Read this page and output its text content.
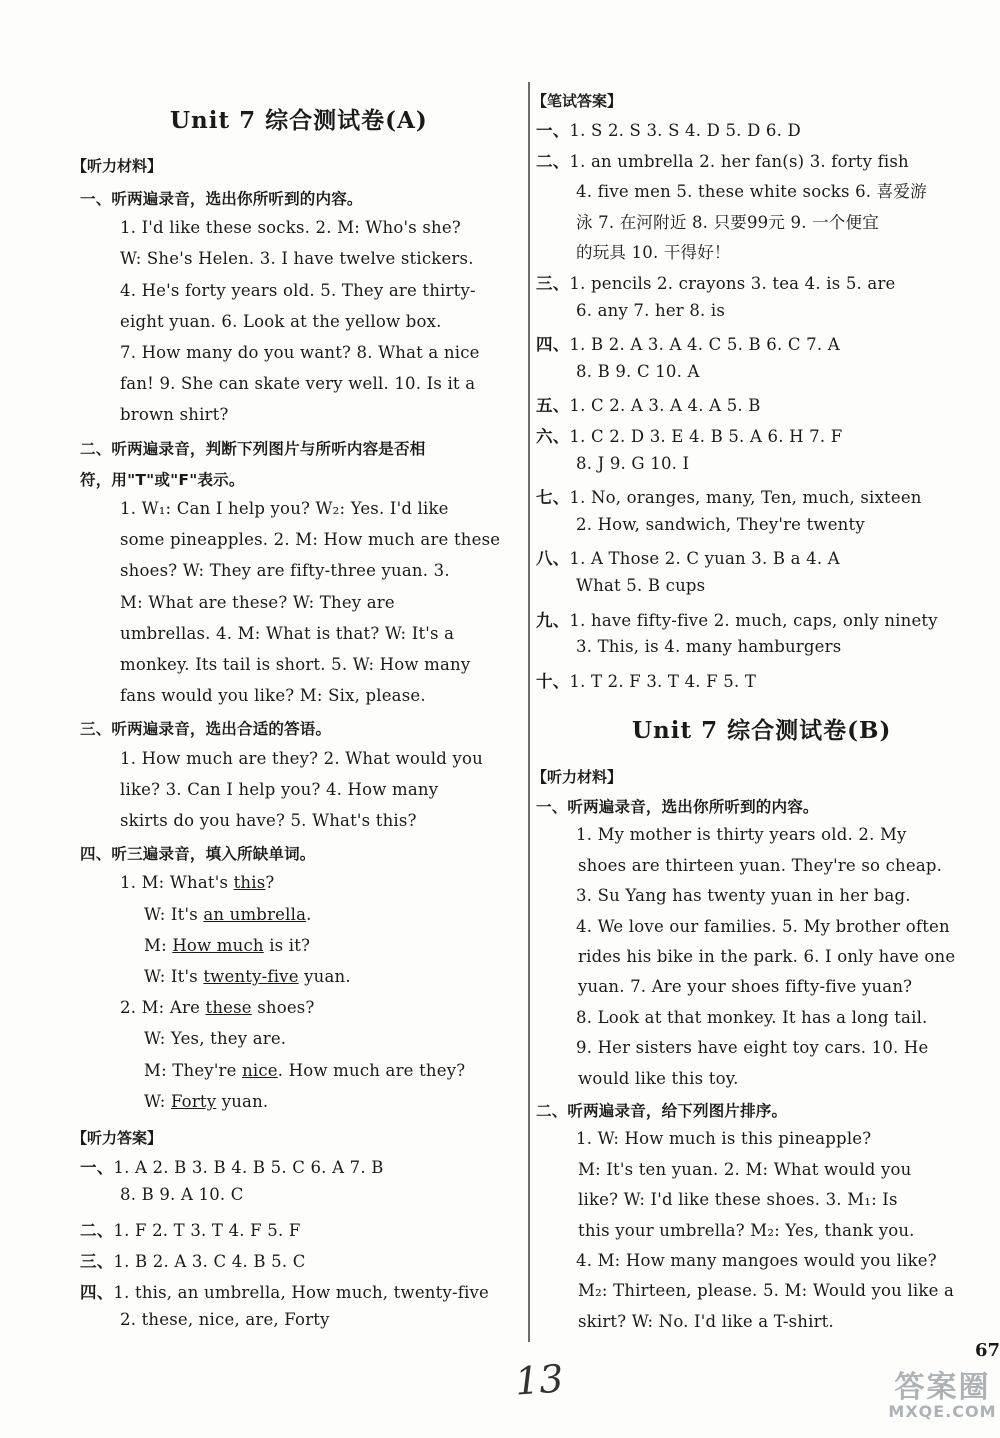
Unit 7 综合测试卷(A)
【听力材料】
一、听两遍录音，选出你所听到的内容。
1. I'd like these socks. 2. M: Who's she?
W: She's Helen. 3. I have twelve stickers.
4. He's forty years old. 5. They are thirty-
eight yuan. 6. Look at the yellow box.
7. How many do you want? 8. What a nice
fan! 9. She can skate very well. 10. Is it a
brown shirt?
二、听两遍录音，判断下列图片与所听内容是否相
符，用"T"或"F"表示。
1. W₁: Can I help you? W₂: Yes. I'd like
some pineapples. 2. M: How much are these
shoes? W: They are fifty-three yuan. 3.
M: What are these? W: They are
umbrellas. 4. M: What is that? W: It's a
monkey. Its tail is short. 5. W: How many
fans would you like? M: Six, please.
三、听两遍录音，选出合适的答语。
1. How much are they? 2. What would you
like? 3. Can I help you? 4. How many
skirts do you have? 5. What's this?
四、听三遍录音，填入所缺单词。
1. M: What's this?
W: It's an umbrella.
M: How much is it?
W: It's twenty-five yuan.
2. M: Are these shoes?
W: Yes, they are.
M: They're nice. How much are they?
W: Forty yuan.
【听力答案】
一、1. A 2. B 3. B 4. B 5. C 6. A 7. B
8. B 9. A 10. C
二、1. F 2. T 3. T 4. F 5. F
三、1. B 2. A 3. C 4. B 5. C
四、1. this, an umbrella, How much, twenty-five
2. these, nice, are, Forty
【笔试答案】
一、1. S 2. S 3. S 4. D 5. D 6. D
二、1. an umbrella 2. her fan(s) 3. forty fish
4. five men 5. these white socks 6. 喜爱游
泳 7. 在河附近 8. 只要99元 9. 一个便宜
的玩具 10. 干得好！
三、1. pencils 2. crayons 3. tea 4. is 5. are
6. any 7. her 8. is
四、1. B 2. A 3. A 4. C 5. B 6. C 7. A
8. B 9. C 10. A
五、1. C 2. A 3. A 4. A 5. B
六、1. C 2. D 3. E 4. B 5. A 6. H 7. F
8. J 9. G 10. I
七、1. No, oranges, many, Ten, much, sixteen
2. How, sandwich, They're twenty
八、1. A Those 2. C yuan 3. B a 4. A
What 5. B cups
九、1. have fifty-five 2. much, caps, only ninety
3. This, is 4. many hamburgers
十、1. T 2. F 3. T 4. F 5. T
Unit 7 综合测试卷(B)
【听力材料】
一、听两遍录音，选出你所听到的内容。
1. My mother is thirty years old. 2. My
shoes are thirteen yuan. They're so cheap.
3. Su Yang has twenty yuan in her bag.
4. We love our families. 5. My brother often
rides his bike in the park. 6. I only have one
yuan. 7. Are your shoes fifty-five yuan?
8. Look at that monkey. It has a long tail.
9. Her sisters have eight toy cars. 10. He
would like this toy.
二、听两遍录音，给下列图片排序。
1. W: How much is this pineapple?
M: It's ten yuan. 2. M: What would you
like? W: I'd like these shoes. 3. M₁: Is
this your umbrella? M₂: Yes, thank you.
4. M: How many mangoes would you like?
M₂: Thirteen, please. 5. M: Would you like a
skirt? W: No. I'd like a T-shirt.
13
67
答案圈
MXQE.COM
